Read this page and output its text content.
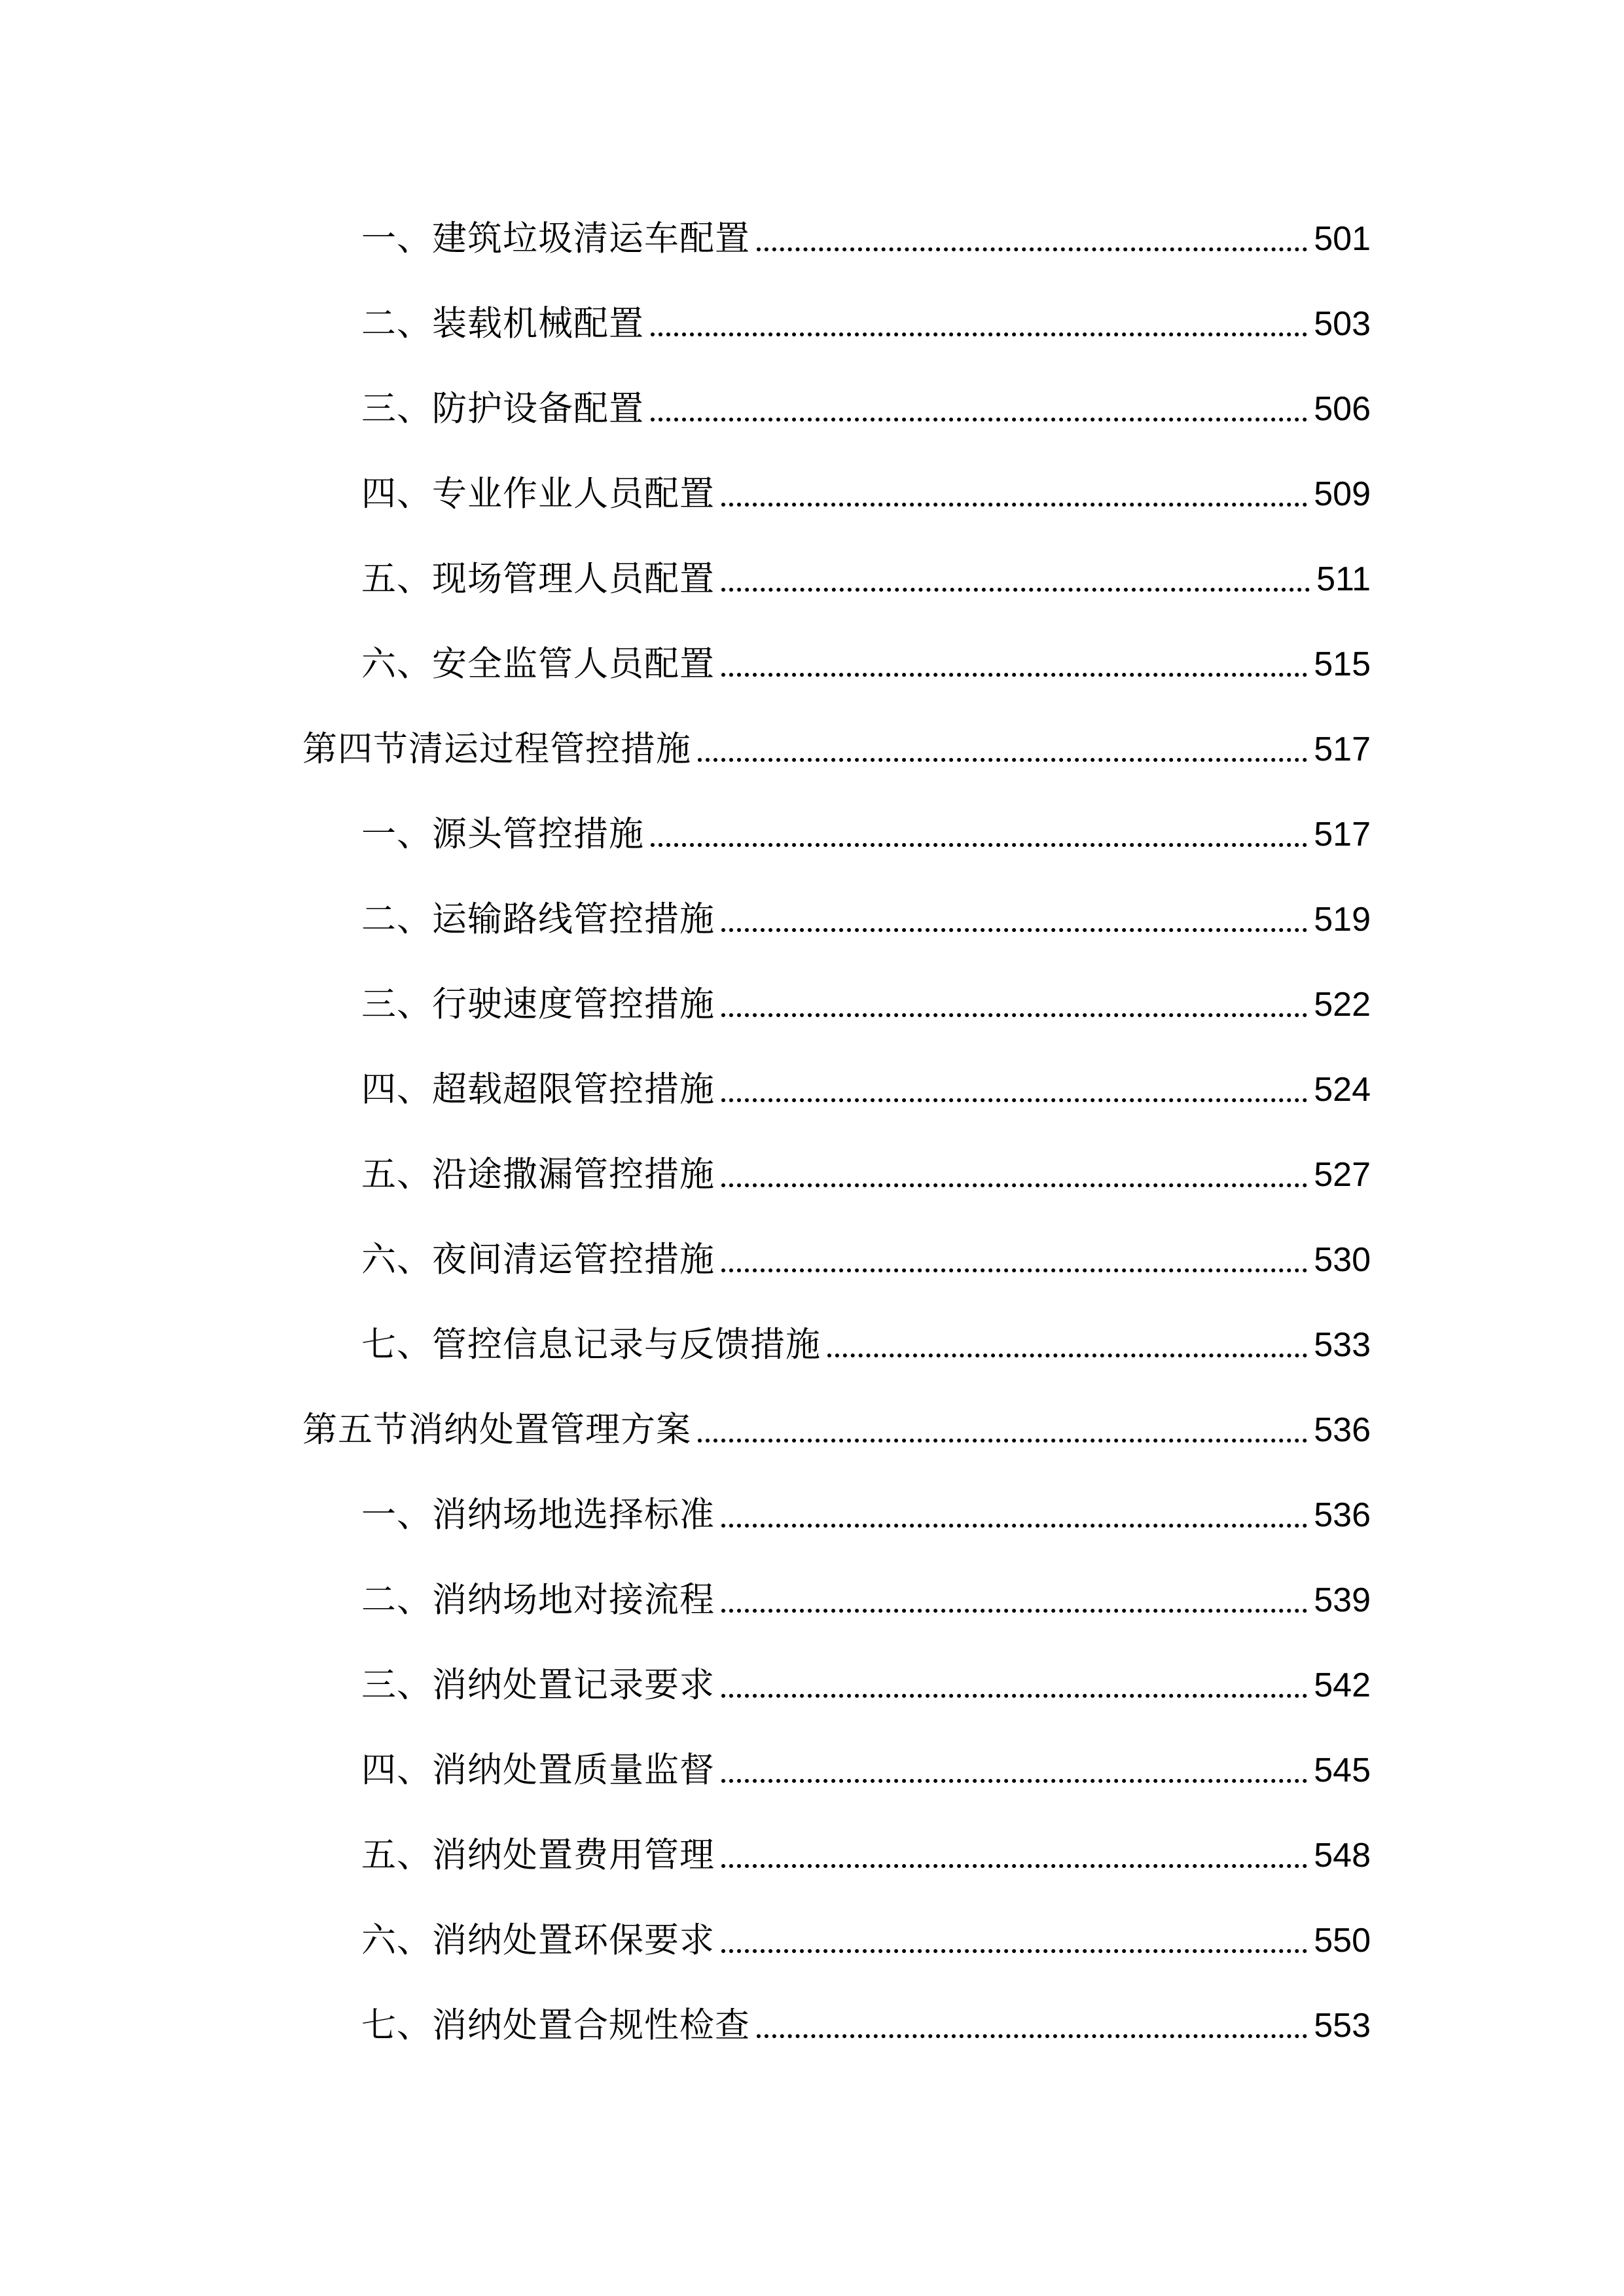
一、建筑垃圾清运车配置	501
二、装载机械配置	503
三、防护设备配置	506
四、专业作业人员配置	509
五、现场管理人员配置	511
六、安全监管人员配置	515
第四节清运过程管控措施	517
一、源头管控措施	517
二、运输路线管控措施	519
三、行驶速度管控措施	522
四、超载超限管控措施	524
五、沿途撒漏管控措施	527
六、夜间清运管控措施	530
七、管控信息记录与反馈措施	533
第五节消纳处置管理方案	536
一、消纳场地选择标准	536
二、消纳场地对接流程	539
三、消纳处置记录要求	542
四、消纳处置质量监督	545
五、消纳处置费用管理	548
六、消纳处置环保要求	550
七、消纳处置合规性检查	553
